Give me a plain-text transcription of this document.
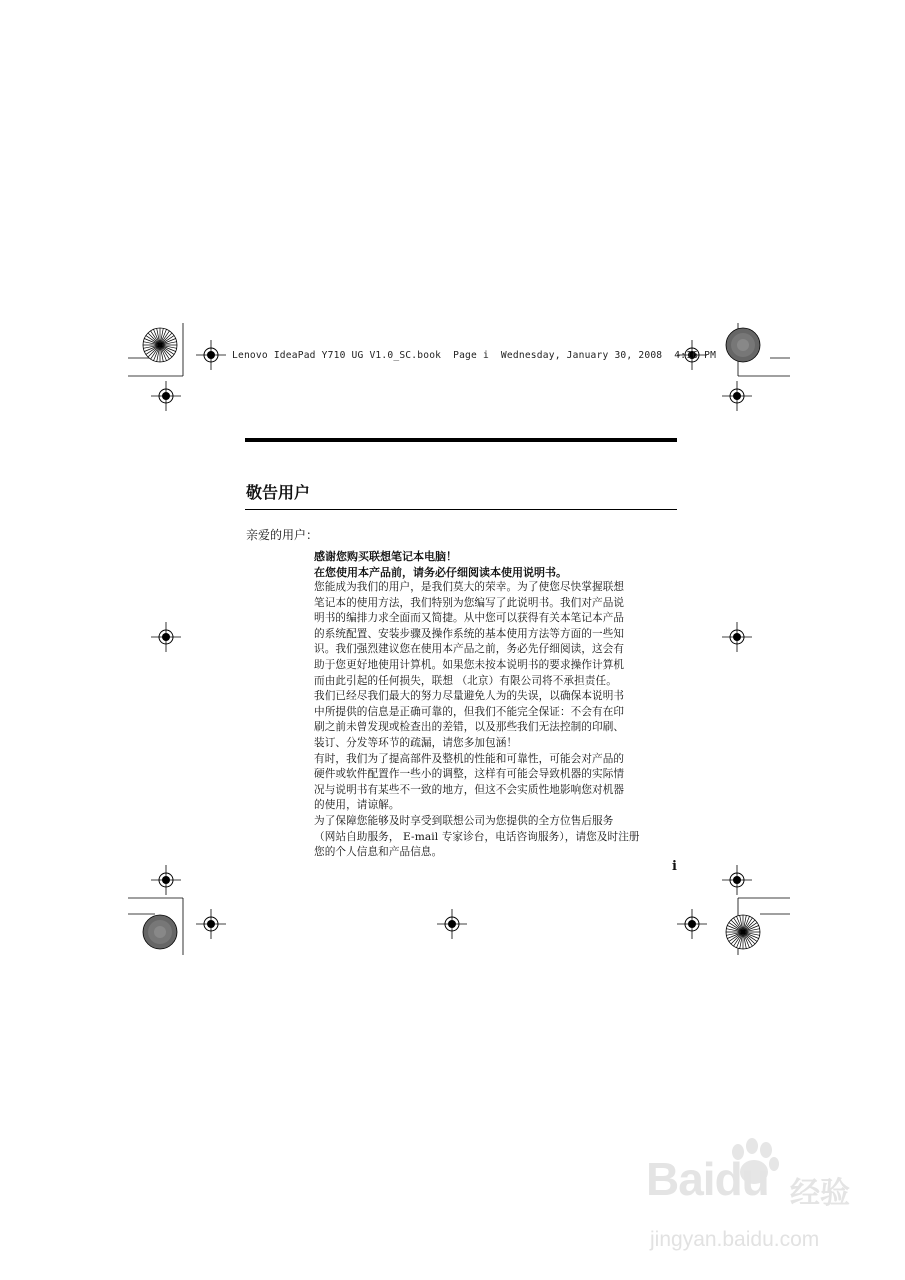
Lenovo IdeaPad Y710 UG V1.0_SC.book  Page i  Wednesday, January 30, 2008  4:16 PM
敬告用户
亲爱的用户：
感谢您购买联想笔记本电脑！
在您使用本产品前，请务必仔细阅读本使用说明书。
您能成为我们的用户，是我们莫大的荣幸。为了使您尽快掌握联想
笔记本的使用方法，我们特别为您编写了此说明书。我们对产品说
明书的编排力求全面而又简捷。从中您可以获得有关本笔记本产品
的系统配置、安装步骤及操作系统的基本使用方法等方面的一些知
识。我们强烈建议您在使用本产品之前，务必先仔细阅读，这会有
助于您更好地使用计算机。如果您未按本说明书的要求操作计算机
而由此引起的任何损失，联想 （北京）有限公司将不承担责任。
我们已经尽我们最大的努力尽量避免人为的失误，以确保本说明书
中所提供的信息是正确可靠的，但我们不能完全保证：不会有在印
刷之前未曾发现或检查出的差错，以及那些我们无法控制的印刷、
装订、分发等环节的疏漏，请您多加包涵！
有时，我们为了提高部件及整机的性能和可靠性，可能会对产品的
硬件或软件配置作一些小的调整，这样有可能会导致机器的实际情
况与说明书有某些不一致的地方，但这不会实质性地影响您对机器
的使用，请谅解。
为了保障您能够及时享受到联想公司为您提供的全方位售后服务
（网站自助服务， E-mail 专家诊台，电话咨询服务），请您及时注册
您的个人信息和产品信息。
i
Baidu 经验
jingyan.baidu.com
